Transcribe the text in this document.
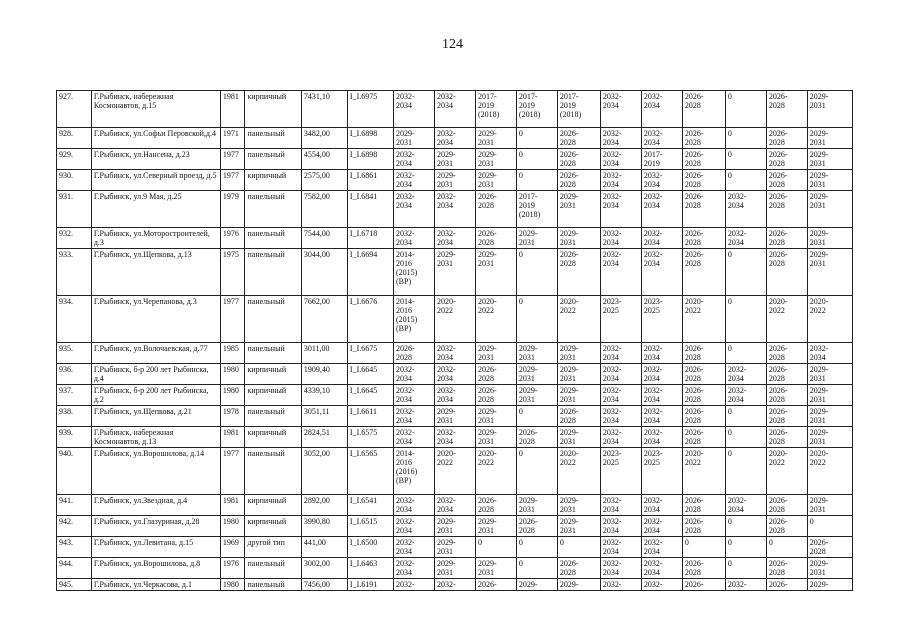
124
927.	Г.Рыбинск, набережная Космонавтов, д.15	1981	кирпичный	7431,10	I_I.6975	2032-
2034	2032-
2034	2017-
2019
(2018)	2017-
2019
(2018)	2017-
2019
(2018)	2032-
2034	2032-
2034	2026-
2028	0	2026-
2028	2029-
2031
928.	Г.Рыбинск, ул.Софьи Перовской,д.4	1971	панельный	3482,00	I_I.6898	2029-
2031	2032-
2034	2029-
2031	0	2026-
2028	2032-
2034	2032-
2034	2026-
2028	0	2026-
2028	2029-
2031
929.	Г.Рыбинск, ул.Нансена, д.23	1977	панельный	4554,00	I_I.6898	2032-
2034	2029-
2031	2029-
2031	0	2026-
2028	2032-
2034	2017-
2019	2026-
2028	0	2026-
2028	2029-
2031
930.	Г.Рыбинск, ул.Северный проезд, д.5	1977	кирпичный	2575,00	I_I.6861	2032-
2034	2029-
2031	2029-
2031	0	2026-
2028	2032-
2034	2032-
2034	2026-
2028	0	2026-
2028	2029-
2031
931.	Г.Рыбинск, ул.9 Мая, д.25	1979	панельный	7582,00	I_I.6841	2032-
2034	2032-
2034	2026-
2028	2017-
2019
(2018)	2029-
2031	2032-
2034	2032-
2034	2026-
2028	2032-
2034	2026-
2028	2029-
2031
932.	Г.Рыбинск, ул.Моторостроителей, д.3	1976	панельный	7544,00	I_I.6718	2032-
2034	2032-
2034	2026-
2028	2029-
2031	2029-
2031	2032-
2034	2032-
2034	2026-
2028	2032-
2034	2026-
2028	2029-
2031
933.	Г.Рыбинск, ул.Щепкова, д.13	1975	панельный	3044,00	I_I.6694	2014-
2016
(2015)
(ВР)	2029-
2031	2029-
2031	0	2026-
2028	2032-
2034	2032-
2034	2026-
2028	0	2026-
2028	2029-
2031
934.	Г.Рыбинск, ул.Черепанова, д.3	1977	панельный	7662,00	I_I.6676	2014-
2016
(2015)
(ВР)	2020-
2022	2020-
2022	0	2020-
2022	2023-
2025	2023-
2025	2020-
2022	0	2020-
2022	2020-
2022
935.	Г.Рыбинск, ул.Волочаевская, д.77	1985	панельный	3011,00	I_I.6675	2026-
2028	2032-
2034	2029-
2031	2029-
2031	2029-
2031	2032-
2034	2032-
2034	2026-
2028	0	2026-
2028	2032-
2034
936.	Г.Рыбинск, б-р 200 лет Рыбинска, д.4	1980	кирпичный	1909,40	I_I.6645	2032-
2034	2032-
2034	2026-
2028	2029-
2031	2029-
2031	2032-
2034	2032-
2034	2026-
2028	2032-
2034	2026-
2028	2029-
2031
937.	Г.Рыбинск, б-р 200 лет Рыбинска, д.2	1980	кирпичный	4339,10	I_I.6645	2032-
2034	2032-
2034	2026-
2028	2029-
2031	2029-
2031	2032-
2034	2032-
2034	2026-
2028	2032-
2034	2026-
2028	2029-
2031
938.	Г.Рыбинск, ул.Щепкова, д.21	1978	панельный	3051,11	I_I.6611	2032-
2034	2029-
2031	2029-
2031	0	2026-
2028	2032-
2034	2032-
2034	2026-
2028	0	2026-
2028	2029-
2031
939.	Г.Рыбинск, набережная Космонавтов, д.13	1981	кирпичный	2824,51	I_I.6575	2032-
2034	2032-
2034	2029-
2031	2026-
2028	2029-
2031	2032-
2034	2032-
2034	2026-
2028	0	2026-
2028	2029-
2031
940.	Г.Рыбинск, ул.Ворошилова, д.14	1977	панельный	3052,00	I_I.6565	2014-
2016
(2016)
(ВР)	2020-
2022	2020-
2022	0	2020-
2022	2023-
2025	2023-
2025	2020-
2022	0	2020-
2022	2020-
2022
941.	Г.Рыбинск, ул.Звездная, д.4	1981	кирпичный	2892,00	I_I.6541	2032-
2034	2032-
2034	2026-
2028	2029-
2031	2029-
2031	2032-
2034	2032-
2034	2026-
2028	2032-
2034	2026-
2028	2029-
2031
942.	Г.Рыбинск, ул.Глазуриная, д.28	1980	кирпичный	3990,80	I_I.6515	2032-
2034	2029-
2031	2029-
2031	2026-
2028	2029-
2031	2032-
2034	2032-
2034	2026-
2028	0	2026-
2028	0
943.	Г.Рыбинск, ул.Левитана, д.15	1969	другой тип	441,00	I_I.6500	2032-
2034	2029-
2031	0	0	0	2032-
2034	2032-
2034	0	0	0	2026-
2028
944.	Г.Рыбинск, ул.Ворошилова, д.8	1976	панельный	3002,00	I_I.6463	2032-
2034	2029-
2031	2029-
2031	0	2026-
2028	2032-
2034	2032-
2034	2026-
2028	0	2026-
2028	2029-
2031
945.	Г.Рыбинск, ул.Черкасова, д.1	1980	панельный	7456,00	I_I.6191	2032-	2032-	2026-	2029-	2029-	2032-	2032-	2026-	2032-	2026-	2029-
